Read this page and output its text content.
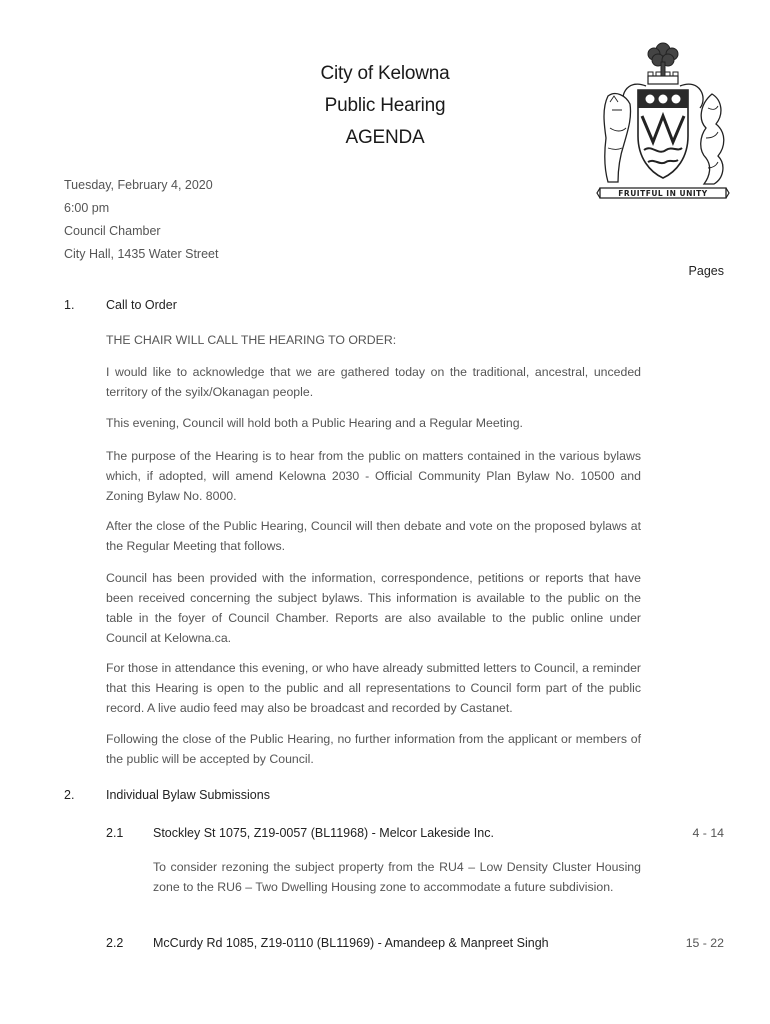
City of Kelowna
Public Hearing
AGENDA
FRUITFUL IN UNITY
Tuesday, February 4, 2020
6:00 pm
Council Chamber
City Hall, 1435 Water Street
Pages
1.	Call to Order
THE CHAIR WILL CALL THE HEARING TO ORDER:
I would like to acknowledge that we are gathered today on the traditional, ancestral, unceded territory of the syilx/Okanagan people.
This evening, Council will hold both a Public Hearing and a Regular Meeting.
The purpose of the Hearing is to hear from the public on matters contained in the various bylaws which, if adopted, will amend Kelowna 2030 - Official Community Plan Bylaw No. 10500 and Zoning Bylaw No. 8000.
After the close of the Public Hearing, Council will then debate and vote on the proposed bylaws at the Regular Meeting that follows.
Council has been provided with the information, correspondence, petitions or reports that have been received concerning the subject bylaws. This information is available to the public on the table in the foyer of Council Chamber. Reports are also available to the public online under Council at Kelowna.ca.
For those in attendance this evening, or who have already submitted letters to Council, a reminder that this Hearing is open to the public and all representations to Council form part of the public record. A live audio feed may also be broadcast and recorded by Castanet.
Following the close of the Public Hearing, no further information from the applicant or members of the public will be accepted by Council.
2.	Individual Bylaw Submissions
2.1 Stockley St 1075, Z19-0057 (BL11968) - Melcor Lakeside Inc.	4 - 14
To consider rezoning the subject property from the RU4 – Low Density Cluster Housing zone to the RU6 – Two Dwelling Housing zone to accommodate a future subdivision.
2.2 McCurdy Rd 1085, Z19-0110 (BL11969) - Amandeep & Manpreet Singh	15 - 22
